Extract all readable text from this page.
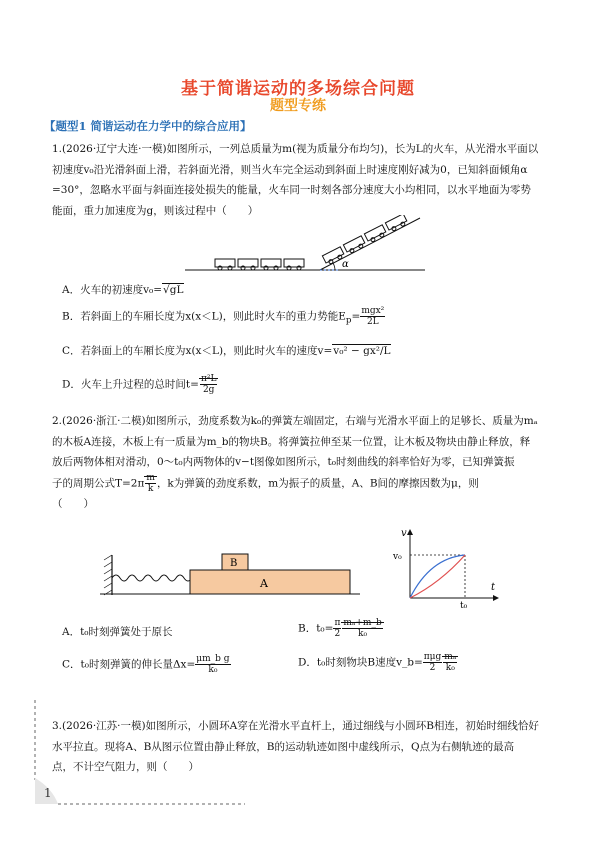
基于简谐运动的多场综合问题
题型专练
【题型1 简谐运动在力学中的综合应用】
1.(2026·辽宁大连·一模)如图所示，一列总质量为m(视为质量分布均匀)，长为L的火车，从光滑水平面以
初速度v₀沿光滑斜面上滑，若斜面光滑，则当火车完全运动到斜面上时速度刚好减为0，已知斜面倾角α
=30°，忽略水平面与斜面连接处损失的能量，火车同一时刻各部分速度大小均相同，以水平地面为零势
能面，重力加速度为g，则该过程中（　　）
α
A．火车的初速度v₀=√gL
B．若斜面上的车厢长度为x(x＜L)，则此时火车的重力势能$E_p= \frac{\text{mgx²}}{2L}$
C．若斜面上的车厢长度为x(x＜L)，则此时火车的速度v=v₀² − gx²/L
D．火车上升过程的总时间$t= \frac{\text{π²L}}{2g}$
2.(2026·浙江·二模)如图所示，劲度系数为k₀的弹簧左端固定，右端与光滑水平面上的足够长、质量为mₐ
的木板A连接，木板上有一质量为m_b的物块B。将弹簧拉伸至某一位置，让木板及物块由静止释放，释
放后两物体相对滑动，0～t₀内两物体的v−t图像如图所示，t₀时刻曲线的斜率恰好为零，已知弹簧振
子的周期公式$T=2\pi \frac{m}{k}$ ，k为弹簧的劲度系数，m为振子的质量，A、B间的摩擦因数为μ，则
（　　）
A
B
v
t
v₀
t₀
A．t₀时刻弹簧处于原长	B．$t_0= \frac{\pi}{2} \frac{\text{mₐ+m\_b}}{\text{k₀}}$
C．t₀时刻弹簧的伸长量$\Delta x= \frac{\text{μm\_b g}}{\text{k₀}}$	D．t₀时刻物块B速度v_b= $\frac{\text{πμg}}{2} \frac{\text{mₐ}}{\text{k₀}}$
3.(2026·江苏·一模)如图所示，小圆环A穿在光滑水平直杆上，通过细线与小圆环B相连，初始时细线恰好
水平拉直。现将A、B从图示位置由静止释放，B的运动轨迹如图中虚线所示，Q点为右侧轨迹的最高
点，不计空气阻力，则（　　）
1
